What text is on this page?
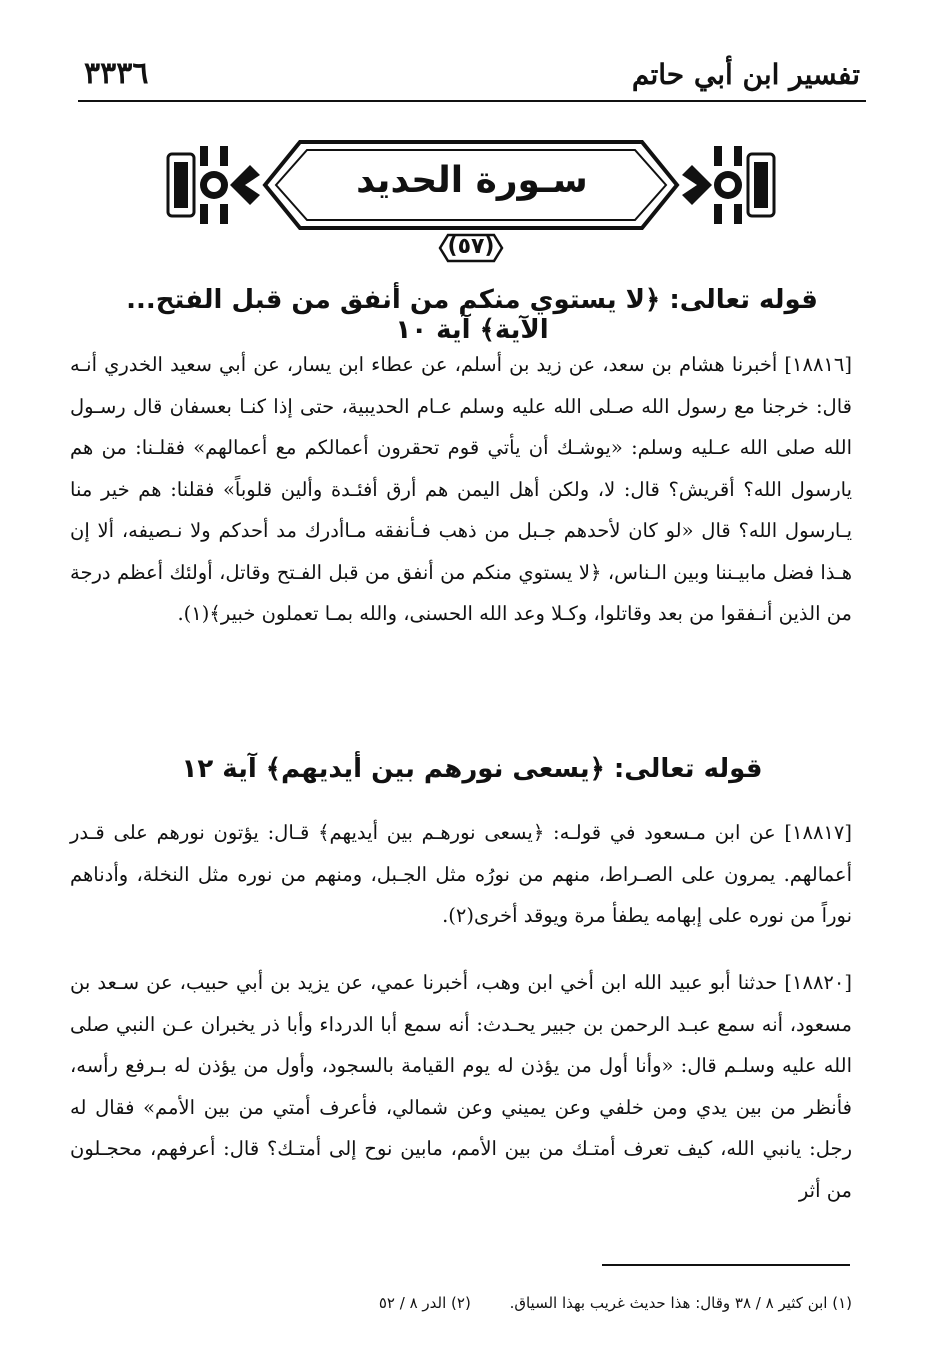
تفسير ابن أبي حاتم
٣٣٣٦
سـورة الحديد
(٥٧)
قوله تعالى: ﴿لا يستوي منكم من أنفق من قبل الفتح... الآية﴾ آية ١٠
[١٨٨١٦] أخبرنا هشام بن سعد، عن زيد بن أسلم، عن عطاء ابن يسار، عن أبي سعيد الخدري أنـه قال: خرجنا مع رسول الله صـلى الله عليه وسلم عـام الحديبية، حتى إذا كنـا بعسفان قال رسـول الله صلى الله عـليه وسلم: «يوشـك أن يأتي قوم تحقرون أعمالكم مع أعمالهم» فقلـنا: من هم يارسول الله؟ أقريش؟ قال: لا، ولكن أهل اليمن هم أرق أفئـدة وألين قلوباً» فقلنا: هم خير منا يـارسول الله؟ قال «لو كان لأحدهم جـبل من ذهب فـأنفقه مـاأدرك مد أحدكم ولا نـصيفه، ألا إن هـذا فضل مابيـننا وبين الـناس، ﴿لا يستوي منكم من أنفق من قبل الفـتح وقاتل، أولئك أعظم درجة من الذين أنـفقوا من بعد وقاتلوا، وكـلا وعد الله الحسنى، والله بمـا تعملون خبير﴾(١).
قوله تعالى: ﴿يسعى نورهم بين أيديهم﴾ آية ١٢
[١٨٨١٧] عن ابن مـسعود في قولـه: ﴿يسعى نورهـم بين أيديهم﴾ قـال: يؤتون نورهم على قـدر أعمالهم. يمرون على الصـراط، منهم من نورُه مثل الجـبل، ومنهم من نوره مثل النخلة، وأدناهم نوراً من نوره على إبهامه يطفأ مرة ويوقد أخرى(٢).
[١٨٨٢٠] حدثنا أبو عبيد الله ابن أخي ابن وهب، أخبرنا عمي، عن يزيد بن أبي حبيب، عن سـعد بن مسعود، أنه سمع عبـد الرحمن بن جبير يحـدث: أنه سمع أبا الدرداء وأبا ذر يخبران عـن النبي صلى الله عليه وسلـم قال: «وأنا أول من يؤذن له يوم القيامة بالسجود، وأول من يؤذن له بـرفع رأسه، فأنظر من بين يدي ومن خلفي وعن يميني وعن شمالي، فأعرف أمتي من بين الأمم» فقال له رجل: يانبي الله، كيف تعرف أمتـك من بين الأمم، مابين نوح إلى أمتـك؟ قال: أعرفهم، محجـلون من أثر
(١) ابن كثير ٨ / ٣٨ وقال: هذا حديث غريب بهذا السياق. (٢) الدر ٨ / ٥٢
